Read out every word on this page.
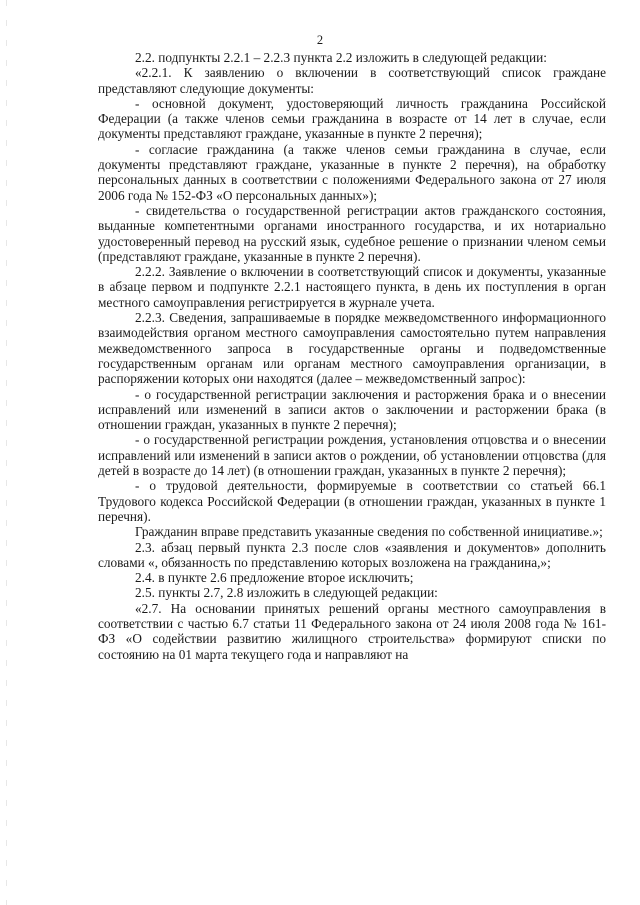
2

2.2. подпункты 2.2.1 – 2.2.3 пункта 2.2 изложить в следующей редакции:

«2.2.1. К заявлению о включении в соответствующий список граждане представляют следующие документы:

- основной документ, удостоверяющий личность гражданина Российской Федерации (а также членов семьи гражданина в возрасте от 14 лет в случае, если документы представляют граждане, указанные в пункте 2 перечня);

- согласие гражданина (а также членов семьи гражданина в случае, если документы представляют граждане, указанные в пункте 2 перечня), на обработку персональных данных в соответствии с положениями Федерального закона от 27 июля 2006 года № 152-ФЗ «О персональных данных»);

- свидетельства о государственной регистрации актов гражданского состояния, выданные компетентными органами иностранного государства, и их нотариально удостоверенный перевод на русский язык, судебное решение о признании членом семьи (представляют граждане, указанные в пункте 2 перечня).

2.2.2. Заявление о включении в соответствующий список и документы, указанные в абзаце первом и подпункте 2.2.1 настоящего пункта, в день их поступления в орган местного самоуправления регистрируется в журнале учета.

2.2.3. Сведения, запрашиваемые в порядке межведомственного информационного взаимодействия органом местного самоуправления самостоятельно путем направления межведомственного запроса в государственные органы и подведомственные государственным органам или органам местного самоуправления организации, в распоряжении которых они находятся (далее – межведомственный запрос):

- о государственной регистрации заключения и расторжения брака и о внесении исправлений или изменений в записи актов о заключении и расторжении брака (в отношении граждан, указанных в пункте 2 перечня);

- о государственной регистрации рождения, установления отцовства и о внесении исправлений или изменений в записи актов о рождении, об установлении отцовства (для детей в возрасте до 14 лет) (в отношении граждан, указанных в пункте 2 перечня);

- о трудовой деятельности, формируемые в соответствии со статьей 66.1 Трудового кодекса Российской Федерации (в отношении граждан, указанных в пункте 1 перечня).

Гражданин вправе представить указанные сведения по собственной инициативе.»;

2.3. абзац первый пункта 2.3 после слов «заявления и документов» дополнить словами «, обязанность по представлению которых возложена на гражданина,»;

2.4. в пункте 2.6 предложение второе исключить;

2.5. пункты 2.7, 2.8 изложить в следующей редакции:

«2.7. На основании принятых решений органы местного самоуправления в соответствии с частью 6.7 статьи 11 Федерального закона от 24 июля 2008 года № 161-ФЗ «О содействии развитию жилищного строительства» формируют списки по состоянию на 01 марта текущего года и направляют на
